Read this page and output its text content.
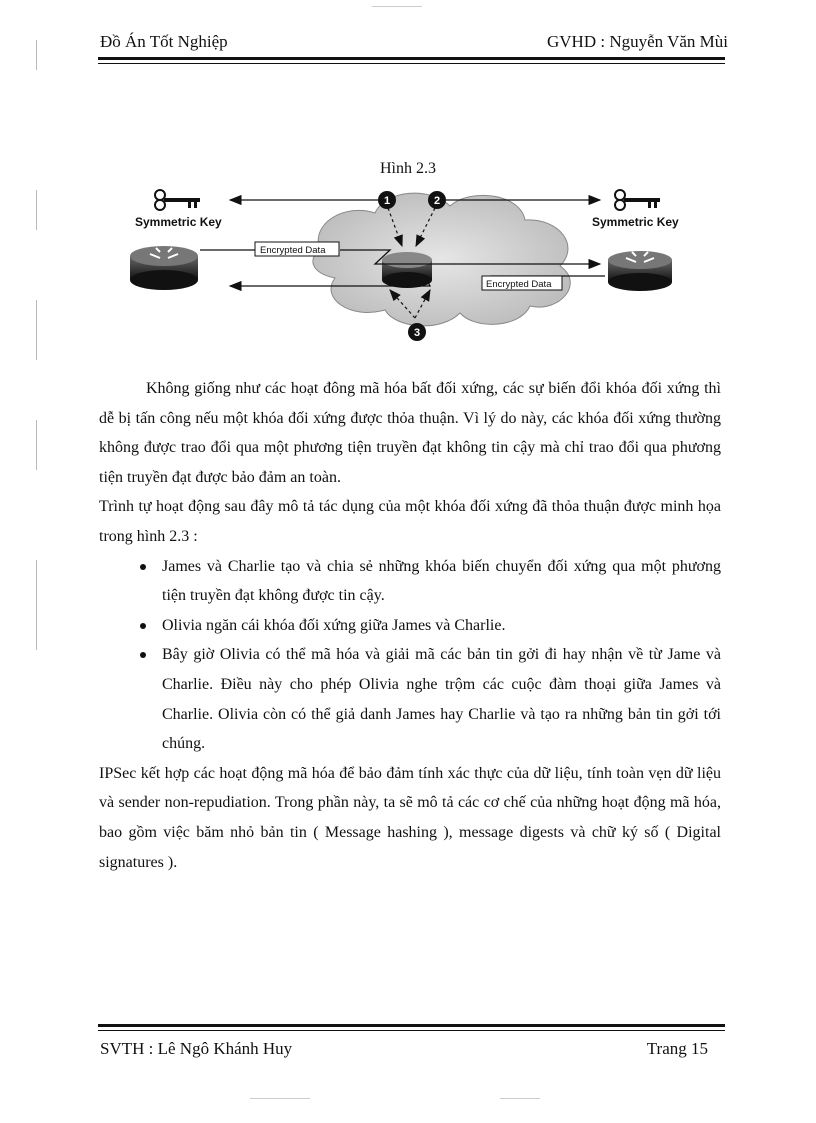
Đồ Án Tốt Nghiệp	GVHD : Nguyễn Văn Mùi
Hình 2.3
Symmetric Key	Symmetric Key
Encrypted Data
Encrypted Data
1	2
3

Không giống như các hoạt đông mã hóa bất đối xứng, các sự biến đổi khóa đối xứng thì dễ bị tấn công nếu một khóa đối xứng được thỏa thuận. Vì lý do này, các khóa đối xứng thường không được trao đổi qua một phương tiện truyền đạt không tin cậy mà chỉ trao đổi qua phương tiện truyền đạt được bảo đảm an toàn.

Trình tự hoạt động sau đây mô tả tác dụng của một khóa đối xứng đã thỏa thuận được minh họa trong hình 2.3 :

James và Charlie tạo và chia sẻ những khóa biến chuyển đối xứng qua một phương tiện truyền đạt không được tin cậy.
Olivia ngăn cái khóa đối xứng giữa James và Charlie.
Bây giờ Olivia có thể mã hóa và giải mã các bản tin gởi đi hay nhận về từ Jame và Charlie. Điều này cho phép Olivia nghe trộm các cuộc đàm thoại giữa James và Charlie. Olivia còn có thể giả danh James hay Charlie và tạo ra những bản tin gởi tới chúng.

IPSec kết hợp các hoạt động mã hóa để bảo đảm tính xác thực của dữ liệu, tính toàn vẹn dữ liệu và sender non-repudiation. Trong phần này, ta sẽ mô tả các cơ chế của những hoạt động mã hóa, bao gồm việc băm nhỏ bản tin ( Message hashing ), message digests và chữ ký số ( Digital signatures ).

SVTH : Lê Ngô Khánh Huy	Trang 15
